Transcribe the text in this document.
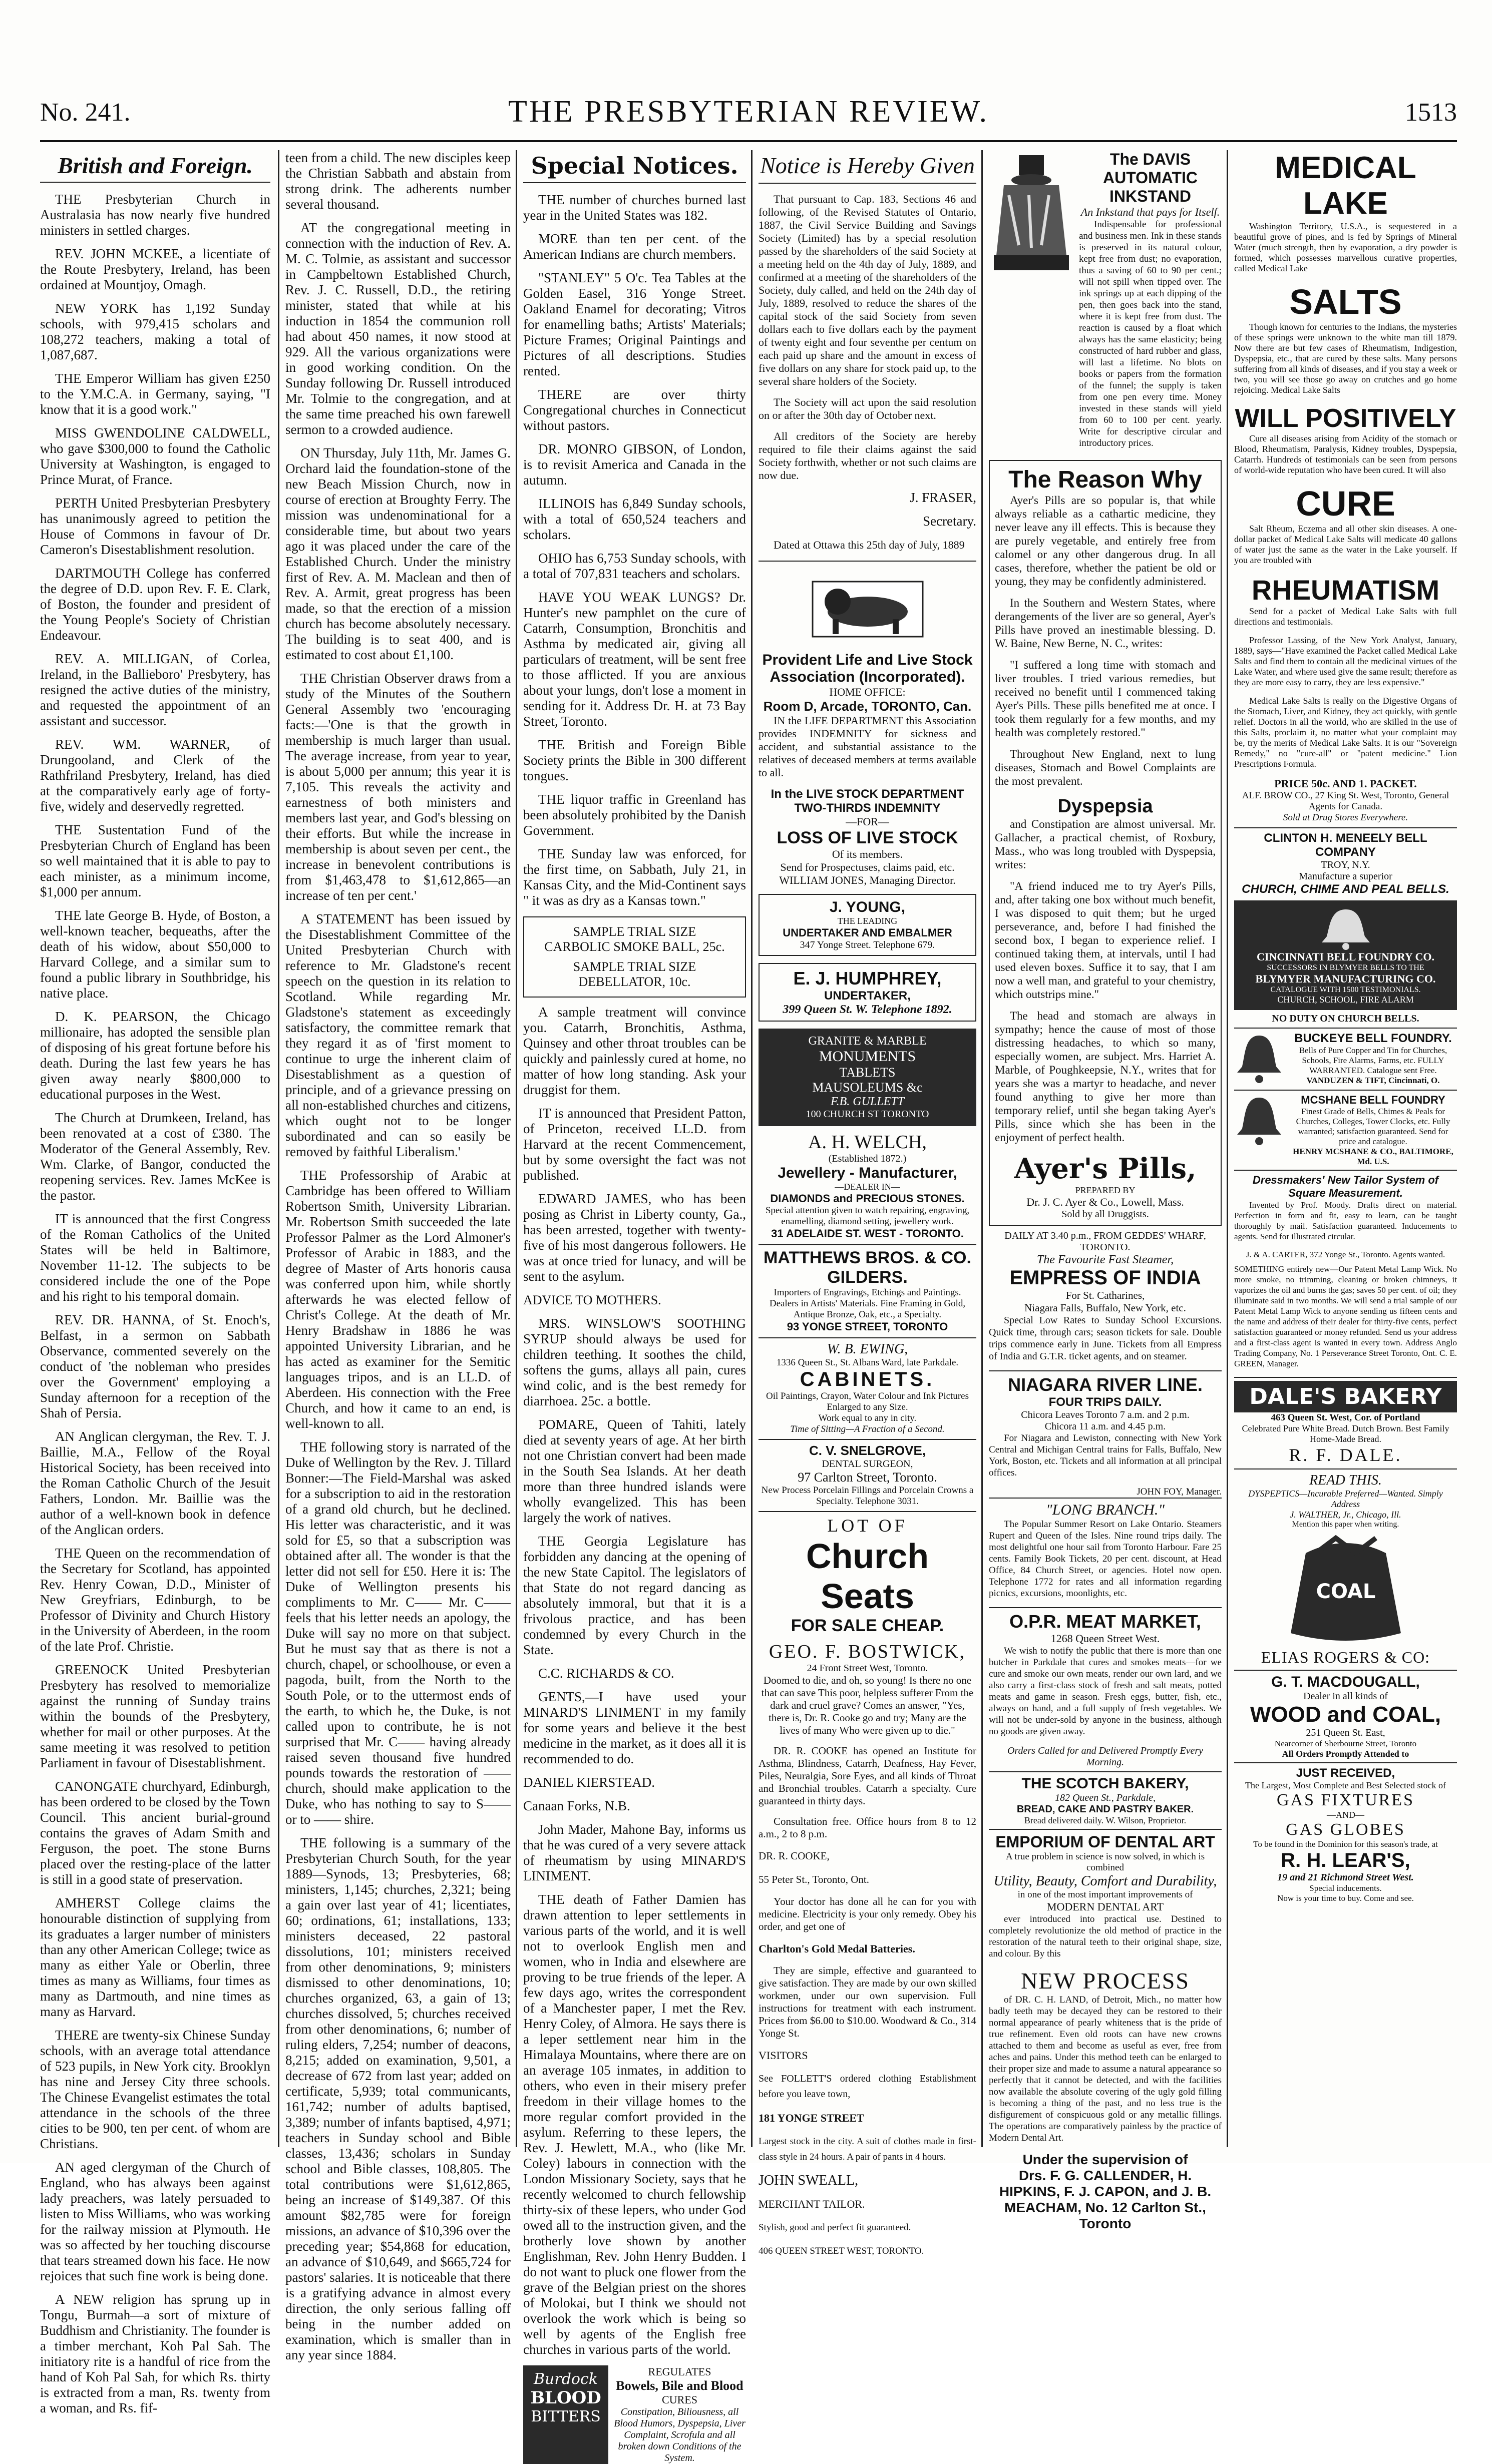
No. 241.	THE PRESBYTERIAN REVIEW.	1513
British and Foreign.

THE Presbyterian Church in Australasia has now nearly five hundred ministers in settled charges.

REV. JOHN MCKEE, a licentiate of the Route Presbytery, Ireland, has been ordained at Mountjoy, Omagh.

NEW YORK has 1,192 Sunday schools, with 979,415 scholars and 108,272 teachers, making a total of 1,087,687.

THE Emperor William has given £250 to the Y.M.C.A. in Germany, saying, "I know that it is a good work."

MISS GWENDOLINE CALDWELL, who gave $300,000 to found the Catholic University at Washington, is engaged to Prince Murat, of France.

PERTH United Presbyterian Presbytery has unanimously agreed to petition the House of Commons in favour of Dr. Cameron's Disestablishment resolution.

DARTMOUTH College has conferred the degree of D.D. upon Rev. F. E. Clark, of Boston, the founder and president of the Young People's Society of Christian Endeavour.

REV. A. MILLIGAN, of Corlea, Ireland, in the Ballieboro' Presbytery, has resigned the active duties of the ministry, and requested the appointment of an assistant and successor.

REV. WM. WARNER, of Drungooland, and Clerk of the Rathfriland Presbytery, Ireland, has died at the comparatively early age of forty-five, widely and deservedly regretted.

THE Sustentation Fund of the Presbyterian Church of England has been so well maintained that it is able to pay to each minister, as a minimum income, $1,000 per annum.

THE late George B. Hyde, of Boston, a well-known teacher, bequeaths, after the death of his widow, about $50,000 to Harvard College, and a similar sum to found a public library in Southbridge, his native place.

D. K. PEARSON, the Chicago millionaire, has adopted the sensible plan of disposing of his great fortune before his death. During the last few years he has given away nearly $800,000 to educational purposes in the West.

The Church at Drumkeen, Ireland, has been renovated at a cost of £380. The Moderator of the General Assembly, Rev. Wm. Clarke, of Bangor, conducted the reopening services. Rev. James McKee is the pastor.

IT is announced that the first Congress of the Roman Catholics of the United States will be held in Baltimore, November 11-12. The subjects to be considered include the one of the Pope and his right to his temporal domain.

REV. DR. HANNA, of St. Enoch's, Belfast, in a sermon on Sabbath Observance, commented severely on the conduct of 'the nobleman who presides over the Government' employing a Sunday afternoon for a reception of the Shah of Persia.

AN Anglican clergyman, the Rev. T. J. Baillie, M.A., Fellow of the Royal Historical Society, has been received into the Roman Catholic Church of the Jesuit Fathers, London. Mr. Baillie was the author of a well-known book in defence of the Anglican orders.

THE Queen on the recommendation of the Secretary for Scotland, has appointed Rev. Henry Cowan, D.D., Minister of New Greyfriars, Edinburgh, to be Professor of Divinity and Church History in the University of Aberdeen, in the room of the late Prof. Christie.

GREENOCK United Presbyterian Presbytery has resolved to memorialize against the running of Sunday trains within the bounds of the Presbytery, whether for mail or other purposes. At the same meeting it was resolved to petition Parliament in favour of Disestablishment.

CANONGATE churchyard, Edinburgh, has been ordered to be closed by the Town Council. This ancient burial-ground contains the graves of Adam Smith and Ferguson, the poet. The stone Burns placed over the resting-place of the latter is still in a good state of preservation.

AMHERST College claims the honourable distinction of supplying from its graduates a larger number of ministers than any other American College; twice as many as either Yale or Oberlin, three times as many as Williams, four times as many as Dartmouth, and nine times as many as Harvard.

THERE are twenty-six Chinese Sunday schools, with an average total attendance of 523 pupils, in New York city. Brooklyn has nine and Jersey City three schools. The Chinese Evangelist estimates the total attendance in the schools of the three cities to be 900, ten per cent. of whom are Christians.

AN aged clergyman of the Church of England, who has always been against lady preachers, was lately persuaded to listen to Miss Williams, who was working for the railway mission at Plymouth. He was so affected by her touching discourse that tears streamed down his face. He now rejoices that such fine work is being done.

A NEW religion has sprung up in Tongu, Burmah—a sort of mixture of Buddhism and Christianity. The founder is a timber merchant, Koh Pal Sah. The initiatory rite is a handful of rice from the hand of Koh Pal Sah, for which Rs. thirty is extracted from a man, Rs. twenty from a woman, and Rs. fif-

teen from a child. The new disciples keep the Christian Sabbath and abstain from strong drink. The adherents number several thousand.

AT the congregational meeting in connection with the induction of Rev. A. M. C. Tolmie, as assistant and successor in Campbeltown Established Church, Rev. J. C. Russell, D.D., the retiring minister, stated that while at his induction in 1854 the communion roll had about 450 names, it now stood at 929. All the various organizations were in good working condition. On the Sunday following Dr. Russell introduced Mr. Tolmie to the congregation, and at the same time preached his own farewell sermon to a crowded audience.

ON Thursday, July 11th, Mr. James G. Orchard laid the foundation-stone of the new Beach Mission Church, now in course of erection at Broughty Ferry. The mission was undenominational for a considerable time, but about two years ago it was placed under the care of the Established Church. Under the ministry first of Rev. A. M. Maclean and then of Rev. A. Armit, great progress has been made, so that the erection of a mission church has become absolutely necessary. The building is to seat 400, and is estimated to cost about £1,100.

THE Christian Observer draws from a study of the Minutes of the Southern General Assembly two 'encouraging facts:—'One is that the growth in membership is much larger than usual. The average increase, from year to year, is about 5,000 per annum; this year it is 7,105. This reveals the activity and earnestness of both ministers and members last year, and God's blessing on their efforts. But while the increase in membership is about seven per cent., the increase in benevolent contributions is from $1,463,478 to $1,612,865—an increase of ten per cent.'

A STATEMENT has been issued by the Disestablishment Committee of the United Presbyterian Church with reference to Mr. Gladstone's recent speech on the question in its relation to Scotland. While regarding Mr. Gladstone's statement as exceedingly satisfactory, the committee remark that they regard it as of 'first moment to continue to urge the inherent claim of Disestablishment as a question of principle, and of a grievance pressing on all non-established churches and citizens, which ought not to be longer subordinated and can so easily be removed by faithful Liberalism.'

THE Professorship of Arabic at Cambridge has been offered to William Robertson Smith, University Librarian. Mr. Robertson Smith succeeded the late Professor Palmer as the Lord Almoner's Professor of Arabic in 1883, and the degree of Master of Arts honoris causa was conferred upon him, while shortly afterwards he was elected fellow of Christ's College. At the death of Mr. Henry Bradshaw in 1886 he was appointed University Librarian, and he has acted as examiner for the Semitic languages tripos, and is an LL.D. of Aberdeen. His connection with the Free Church, and how it came to an end, is well-known to all.

THE following story is narrated of the Duke of Wellington by the Rev. J. Tillard Bonner:—The Field-Marshal was asked for a subscription to aid in the restoration of a grand old church, but he declined. His letter was characteristic, and it was sold for £5, so that a subscription was obtained after all. The wonder is that the letter did not sell for £50. Here it is: The Duke of Wellington presents his compliments to Mr. C—— Mr. C—— feels that his letter needs an apology, the Duke will say no more on that subject. But he must say that as there is not a church, chapel, or schoolhouse, or even a pagoda, built, from the North to the South Pole, or to the uttermost ends of the earth, to which he, the Duke, is not called upon to contribute, he is not surprised that Mr. C—— having already raised seven thousand five hundred pounds towards the restoration of —— church, should make application to the Duke, who has nothing to say to S—— or to —— shire.

THE following is a summary of the Presbyterian Church South, for the year 1889—Synods, 13; Presbyteries, 68; ministers, 1,145; churches, 2,321; being a gain over last year of 41; licentiates, 60; ordinations, 61; installations, 133; ministers deceased, 22 pastoral dissolutions, 101; ministers received from other denominations, 9; ministers dismissed to other denominations, 10; churches organized, 63, a gain of 13; churches dissolved, 5; churches received from other denominations, 6; number of ruling elders, 7,254; number of deacons, 8,215; added on examination, 9,501, a decrease of 672 from last year; added on certificate, 5,939; total communicants, 161,742; number of adults baptised, 3,389; number of infants baptised, 4,971; teachers in Sunday school and Bible classes, 13,436; scholars in Sunday school and Bible classes, 108,805. The total contributions were $1,612,865, being an increase of $149,387. Of this amount $82,785 were for foreign missions, an advance of $10,396 over the preceding year; $54,868 for education, an advance of $10,649, and $665,724 for pastors' salaries. It is noticeable that there is a gratifying advance in almost every direction, the only serious falling off being in the number added on examination, which is smaller than in any year since 1884.

Special Notices.

THE number of churches burned last year in the United States was 182.

MORE than ten per cent. of the American Indians are church members.

"STANLEY" 5 O'c. Tea Tables at the Golden Easel, 316 Yonge Street. Oakland Enamel for decorating; Vitros for enamelling baths; Artists' Materials; Picture Frames; Original Paintings and Pictures of all descriptions. Studies rented.

THERE are over thirty Congregational churches in Connecticut without pastors.

DR. MONRO GIBSON, of London, is to revisit America and Canada in the autumn.

ILLINOIS has 6,849 Sunday schools, with a total of 650,524 teachers and scholars.

OHIO has 6,753 Sunday schools, with a total of 707,831 teachers and scholars.

HAVE YOU WEAK LUNGS? Dr. Hunter's new pamphlet on the cure of Catarrh, Consumption, Bronchitis and Asthma by medicated air, giving all particulars of treatment, will be sent free to those afflicted. If you are anxious about your lungs, don't lose a moment in sending for it. Address Dr. H. at 73 Bay Street, Toronto.

THE British and Foreign Bible Society prints the Bible in 300 different tongues.

THE liquor traffic in Greenland has been absolutely prohibited by the Danish Government.

THE Sunday law was enforced, for the first time, on Sabbath, July 21, in Kansas City, and the Mid-Continent says " it was as dry as a Kansas town."

SAMPLE TRIAL SIZE
CARBOLIC SMOKE BALL, 25c.
SAMPLE TRIAL SIZE
DEBELLATOR, 10c.

A sample treatment will convince you. Catarrh, Bronchitis, Asthma, Quinsey and other throat troubles can be quickly and painlessly cured at home, no matter of how long standing. Ask your druggist for them.

IT is announced that President Patton, of Princeton, received LL.D. from Harvard at the recent Commencement, but by some oversight the fact was not published.

EDWARD JAMES, who has been posing as Christ in Liberty county, Ga., has been arrested, together with twenty-five of his most dangerous followers. He was at once tried for lunacy, and will be sent to the asylum.

ADVICE TO MOTHERS.

MRS. WINSLOW'S SOOTHING SYRUP should always be used for children teething. It soothes the child, softens the gums, allays all pain, cures wind colic, and is the best remedy for diarrhoea. 25c. a bottle.

POMARE, Queen of Tahiti, lately died at seventy years of age. At her birth not one Christian convert had been made in the South Sea Islands. At her death more than three hundred islands were wholly evangelized. This has been largely the work of natives.

THE Georgia Legislature has forbidden any dancing at the opening of the new State Capitol. The legislators of that State do not regard dancing as absolutely immoral, but that it is a frivolous practice, and has been condemned by every Church in the State.

C.C. RICHARDS & CO.

GENTS,—I have used your MINARD'S LINIMENT in my family for some years and believe it the best medicine in the market, as it does all it is recommended to do.

DANIEL KIERSTEAD.

Canaan Forks, N.B.

John Mader, Mahone Bay, informs us that he was cured of a very severe attack of rheumatism by using MINARD'S LINIMENT.

THE death of Father Damien has drawn attention to leper settlements in various parts of the world, and it is well not to overlook English men and women, who in India and elsewhere are proving to be true friends of the leper. A few days ago, writes the correspondent of a Manchester paper, I met the Rev. Henry Coley, of Almora. He says there is a leper settlement near him in the Himalaya Mountains, where there are on an average 105 inmates, in addition to others, who even in their misery prefer freedom in their village homes to the more regular comfort provided in the asylum. Referring to these lepers, the Rev. J. Hewlett, M.A., who (like Mr. Coley) labours in connection with the London Missionary Society, says that he recently welcomed to church fellowship thirty-six of these lepers, who under God owed all to the instruction given, and the brotherly love shown by another Englishman, Rev. John Henry Budden. I do not want to pluck one flower from the grave of the Belgian priest on the shores of Molokai, but I think we should not overlook the work which is being so well by agents of the English free churches in various parts of the world.

Burdock
BLOOD
BITTERS
REGULATES
Bowels, Bile and Blood
CURES
Constipation, Biliousness, all Blood Humors, Dyspepsia, Liver Complaint, Scrofula and all broken down Conditions of the System.
Notice is Hereby Given

That pursuant to Cap. 183, Sections 46 and following, of the Revised Statutes of Ontario, 1887, the Civil Service Building and Savings Society (Limited) has by a special resolution passed by the shareholders of the said Society at a meeting held on the 4th day of July, 1889, and confirmed at a meeting of the shareholders of the Society, duly called, and held on the 24th day of July, 1889, resolved to reduce the shares of the capital stock of the said Society from seven dollars each to five dollars each by the payment of twenty eight and four seventhe per centum on each paid up share and the amount in excess of five dollars on any share for stock paid up, to the several share holders of the Society.

The Society will act upon the said resolution on or after the 30th day of October next.

All creditors of the Society are hereby required to file their claims against the said Society forthwith, whether or not such claims are now due.

J. FRASER,

Secretary.

Dated at Ottawa this 25th day of July, 1889

Provident Life and Live Stock Association (Incorporated).
HOME OFFICE:
Room D, Arcade, TORONTO, Can.

IN the LIFE DEPARTMENT this Association provides INDEMNITY for sickness and accident, and substantial assistance to the relatives of deceased members at terms available to all.

In the LIVE STOCK DEPARTMENT TWO-THIRDS INDEMNITY
—FOR—
LOSS OF LIVE STOCK
Of its members.
Send for Prospectuses, claims paid, etc.
WILLIAM JONES, Managing Director.
J. YOUNG,
THE LEADING
UNDERTAKER AND EMBALMER
347 Yonge Street. Telephone 679.
E. J. HUMPHREY,
UNDERTAKER,
399 Queen St. W. Telephone 1892.
GRANITE & MARBLE
MONUMENTS
TABLETS
MAUSOLEUMS &c
F.B. GULLETT
100 CHURCH ST TORONTO
A. H. WELCH,
(Established 1872.)
Jewellery - Manufacturer,
—DEALER IN—
DIAMONDS and PRECIOUS STONES.
Special attention given to watch repairing, engraving, enamelling, diamond setting, jewellery work.
31 ADELAIDE ST. WEST - TORONTO.
MATTHEWS BROS. & CO.
GILDERS.
Importers of Engravings, Etchings and Paintings. Dealers in Artists' Materials. Fine Framing in Gold, Antique Bronze, Oak, etc., a Specialty.
93 YONGE STREET, TORONTO
W. B. EWING,
1336 Queen St., St. Albans Ward, late Parkdale.
CABINETS.
Oil Paintings, Crayon, Water Colour and Ink Pictures Enlarged to any Size.
Work equal to any in city.
Time of Sitting—A Fraction of a Second.
C. V. SNELGROVE,
DENTAL SURGEON,
97 Carlton Street, Toronto.
New Process Porcelain Fillings and Porcelain Crowns a Specialty. Telephone 3031.
LOT OF
Church Seats
FOR SALE CHEAP.
GEO. F. BOSTWICK,
24 Front Street West, Toronto.

Doomed to die, and oh, so young! Is there no one that can save This poor, helpless sufferer From the dark and cruel grave? Comes an answer, "Yes, there is, Dr. R. Cooke go and try; Many are the lives of many Who were given up to die."

DR. R. COOKE has opened an Institute for Asthma, Blindness, Catarrh, Deafness, Hay Fever, Piles, Neuralgia, Sore Eyes, and all kinds of Throat and Bronchial troubles. Catarrh a specialty. Cure guaranteed in thirty days.

Consultation free. Office hours from 8 to 12 a.m., 2 to 8 p.m.

DR. R. COOKE,

55 Peter St., Toronto, Ont.

Your doctor has done all he can for you with medicine. Electricity is your only remedy. Obey his order, and get one of

Charlton's Gold Medal Batteries.

They are simple, effective and guaranteed to give satisfaction. They are made by our own skilled workmen, under our own supervision. Full instructions for treatment with each instrument. Prices from $6.00 to $10.00. Woodward & Co., 314 Yonge St.

VISITORS

See FOLLETT'S ordered clothing Establishment before you leave town,

181 YONGE STREET

Largest stock in the city. A suit of clothes made in first-class style in 24 hours. A pair of pants in 4 hours.

JOHN SWEALL,

MERCHANT TAILOR.

Stylish, good and perfect fit guaranteed.

406 QUEEN STREET WEST, TORONTO.

The DAVIS AUTOMATIC INKSTAND
An Inkstand that pays for Itself.

Indispensable for professional and business men. Ink in these stands is preserved in its natural colour, kept free from dust; no evaporation, thus a saving of 60 to 90 per cent.; will not spill when tipped over. The ink springs up at each dipping of the pen, then goes back into the stand, where it is kept free from dust. The reaction is caused by a float which always has the same elasticity; being constructed of hard rubber and glass, will last a lifetime. No blots on books or papers from the formation of the funnel; the supply is taken from one pen every time. Money invested in these stands will yield from 60 to 100 per cent. yearly. Write for descriptive circular and introductory prices.

The Reason Why

Ayer's Pills are so popular is, that while always reliable as a cathartic medicine, they never leave any ill effects. This is because they are purely vegetable, and entirely free from calomel or any other dangerous drug. In all cases, therefore, whether the patient be old or young, they may be confidently administered.

In the Southern and Western States, where derangements of the liver are so general, Ayer's Pills have proved an inestimable blessing. D. W. Baine, New Berne, N. C., writes:

"I suffered a long time with stomach and liver troubles. I tried various remedies, but received no benefit until I commenced taking Ayer's Pills. These pills benefited me at once. I took them regularly for a few months, and my health was completely restored."

Throughout New England, next to lung diseases, Stomach and Bowel Complaints are the most prevalent.

Dyspepsia

and Constipation are almost universal. Mr. Gallacher, a practical chemist, of Roxbury, Mass., who was long troubled with Dyspepsia, writes:

"A friend induced me to try Ayer's Pills, and, after taking one box without much benefit, I was disposed to quit them; but he urged perseverance, and, before I had finished the second box, I began to experience relief. I continued taking them, at intervals, until I had used eleven boxes. Suffice it to say, that I am now a well man, and grateful to your chemistry, which outstrips mine."

The head and stomach are always in sympathy; hence the cause of most of those distressing headaches, to which so many, especially women, are subject. Mrs. Harriet A. Marble, of Poughkeepsie, N.Y., writes that for years she was a martyr to headache, and never found anything to give her more than temporary relief, until she began taking Ayer's Pills, since which she has been in the enjoyment of perfect health.

Ayer's Pills,
PREPARED BY
Dr. J. C. Ayer & Co., Lowell, Mass.
Sold by all Druggists.
DAILY AT 3.40 p.m., FROM GEDDES' WHARF, TORONTO.
The Favourite Fast Steamer,
EMPRESS OF INDIA
For St. Catharines,
Niagara Falls, Buffalo, New York, etc.

Special Low Rates to Sunday School Excursions. Quick time, through cars; season tickets for sale. Double trips commence early in June. Tickets from all Empress of India and G.T.R. ticket agents, and on steamer.

NIAGARA RIVER LINE.
FOUR TRIPS DAILY.
Chicora Leaves Toronto 7 a.m. and 2 p.m.
Chicora 11 a.m. and 4.45 p.m.

For Niagara and Lewiston, connecting with New York Central and Michigan Central trains for Falls, Buffalo, New York, Boston, etc. Tickets and all information at all principal offices.

JOHN FOY, Manager.
"LONG BRANCH."

The Popular Summer Resort on Lake Ontario. Steamers Rupert and Queen of the Isles. Nine round trips daily. The most delightful one hour sail from Toronto Harbour. Fare 25 cents. Family Book Tickets, 20 per cent. discount, at Head Office, 84 Church Street, or agencies. Hotel now open. Telephone 1772 for rates and all information regarding picnics, excursions, moonlights, etc.

O.P.R. MEAT MARKET,
1268 Queen Street West.

We wish to notify the public that there is more than one butcher in Parkdale that cures and smokes meats—for we cure and smoke our own meats, render our own lard, and we also carry a first-class stock of fresh and salt meats, potted meats and game in season. Fresh eggs, butter, fish, etc., always on hand, and a full supply of fresh vegetables. We will not be under-sold by anyone in the business, although no goods are given away.

Orders Called for and Delivered Promptly Every Morning.
THE SCOTCH BAKERY,
182 Queen St., Parkdale,
BREAD, CAKE AND PASTRY BAKER.
Bread delivered daily. W. Wilson, Proprietor.
EMPORIUM OF DENTAL ART
A true problem in science is now solved, in which is combined
Utility, Beauty, Comfort and Durability,
in one of the most important improvements of
MODERN DENTAL ART

ever introduced into practical use. Destined to completely revolutionize the old method of practice in the restoration of the natural teeth to their original shape, size, and colour. By this

NEW PROCESS

of DR. C. H. LAND, of Detroit, Mich., no matter how badly teeth may be decayed they can be restored to their normal appearance of pearly whiteness that is the pride of true refinement. Even old roots can have new crowns attached to them and become as useful as ever, free from aches and pains. Under this method teeth can be enlarged to their proper size and made to assume a natural appearance so perfectly that it cannot be detected, and with the facilities now available the absolute covering of the ugly gold filling is becoming a thing of the past, and no less true is the disfigurement of conspicuous gold or any metallic fillings. The operations are comparatively painless by the practice of Modern Dental Art.

Under the supervision of
Drs. F. G. CALLENDER, H. HIPKINS, F. J. CAPON, and J. B. MEACHAM, No. 12 Carlton St., Toronto
MEDICAL LAKE

Washington Territory, U.S.A., is sequestered in a beautiful grove of pines, and is fed by Springs of Mineral Water (much strength, then by evaporation, a dry powder is formed, which possesses marvellous curative properties, called Medical Lake

SALTS

Though known for centuries to the Indians, the mysteries of these springs were unknown to the white man till 1879. Now there are but few cases of Rheumatism, Indigestion, Dyspepsia, etc., that are cured by these salts. Many persons suffering from all kinds of diseases, and if you stay a week or two, you will see those go away on crutches and go home rejoicing. Medical Lake Salts

WILL POSITIVELY

Cure all diseases arising from Acidity of the stomach or Blood, Rheumatism, Paralysis, Kidney troubles, Dyspepsia, Catarrh. Hundreds of testimonials can be seen from persons of world-wide reputation who have been cured. It will also

CURE

Salt Rheum, Eczema and all other skin diseases. A one-dollar packet of Medical Lake Salts will medicate 40 gallons of water just the same as the water in the Lake yourself. If you are troubled with

RHEUMATISM

Send for a packet of Medical Lake Salts with full directions and testimonials.

Professor Lassing, of the New York Analyst, January, 1889, says—"Have examined the Packet called Medical Lake Salts and find them to contain all the medicinal virtues of the Lake Water, and where used give the same result; therefore as they are more easy to carry, they are less expensive."

Medical Lake Salts is really on the Digestive Organs of the Stomach, Liver, and Kidney, they act quickly, with gentle relief. Doctors in all the world, who are skilled in the use of this Salts, proclaim it, no matter what your complaint may be, try the merits of Medical Lake Salts. It is our "Sovereign Remedy," no "cure-all" or "patent medicine." Lion Prescriptions Formula.

PRICE 50c. AND 1. PACKET.
ALF. BROW CO., 27 King St. West, Toronto, General Agents for Canada.
Sold at Drug Stores Everywhere.
CLINTON H. MENEELY BELL COMPANY
TROY, N.Y.
Manufacture a superior
CHURCH, CHIME AND PEAL BELLS.
CINCINNATI BELL FOUNDRY CO.
SUCCESSORS IN BLYMYER BELLS TO THE
BLYMYER MANUFACTURING CO.
CATALOGUE WITH 1500 TESTIMONIALS.
CHURCH, SCHOOL, FIRE ALARM
NO DUTY ON CHURCH BELLS.
BUCKEYE BELL FOUNDRY.
Bells of Pure Copper and Tin for Churches, Schools, Fire Alarms, Farms, etc. FULLY WARRANTED. Catalogue sent Free.
VANDUZEN & TIFT, Cincinnati, O.
MCSHANE BELL FOUNDRY
Finest Grade of Bells, Chimes & Peals for Churches, Colleges, Tower Clocks, etc. Fully warranted; satisfaction guaranteed. Send for price and catalogue.
HENRY MCSHANE & CO., BALTIMORE, Md. U.S.
Dressmakers' New Tailor System of Square Measurement.

Invented by Prof. Moody. Drafts direct on material. Perfection in form and fit, easy to learn, can be taught thoroughly by mail. Satisfaction guaranteed. Inducements to agents. Send for illustrated circular.

J. & A. CARTER, 372 Yonge St., Toronto. Agents wanted.

SOMETHING entirely new—Our Patent Metal Lamp Wick. No more smoke, no trimming, cleaning or broken chimneys, it vaporizes the oil and burns the gas; saves 50 per cent. of oil; they illuminate said in two months. We will send a trial sample of our Patent Metal Lamp Wick to anyone sending us fifteen cents and the name and address of their dealer for thirty-five cents, perfect satisfaction guaranteed or money refunded. Send us your address and a first-class agent is wanted in every town. Address Anglo Trading Company, No. 1 Perseverance Street Toronto, Ont. C. E. GREEN, Manager.

DALE'S BAKERY
463 Queen St. West, Cor. of Portland
Celebrated Pure White Bread. Dutch Brown. Best Family Home-Made Bread.
R. F. DALE.
READ THIS.
DYSPEPTICS—Incurable Preferred—Wanted. Simply Address
J. WALTHER, Jr., Chicago, Ill.
Mention this paper when writing.
COAL
ELIAS ROGERS & CO:
G. T. MACDOUGALL,
Dealer in all kinds of
WOOD and COAL,
251 Queen St. East,
Nearcorner of Sherbourne Street, Toronto
All Orders Promptly Attended to
JUST RECEIVED,
The Largest, Most Complete and Best Selected stock of
GAS FIXTURES
—AND—
GAS GLOBES
To be found in the Dominion for this season's trade, at
R. H. LEAR'S,
19 and 21 Richmond Street West.
Special inducements.
Now is your time to buy. Come and see.
